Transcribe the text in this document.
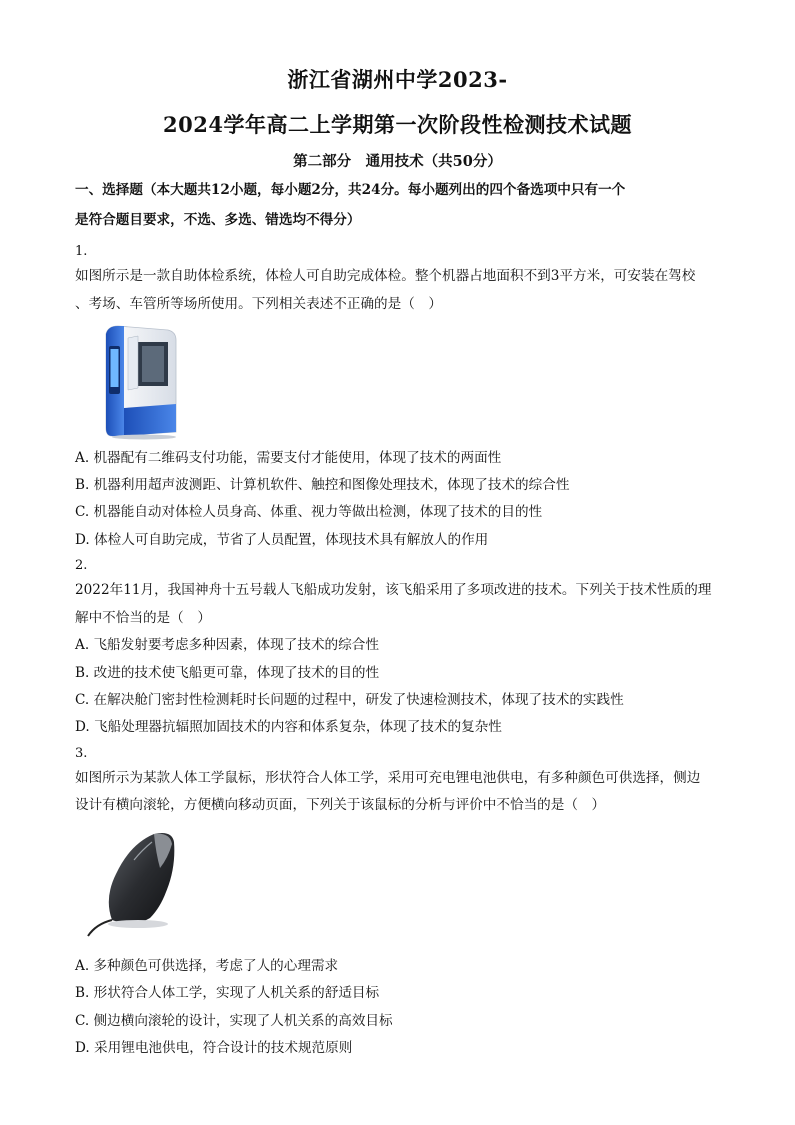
浙江省湖州中学2023-
2024学年高二上学期第一次阶段性检测技术试题
第二部分　通用技术（共50分）
一、选择题（本大题共12小题，每小题2分，共24分。每小题列出的四个备选项中只有一个
是符合题目要求，不选、多选、错选均不得分）
1.
如图所示是一款自助体检系统，体检人可自助完成体检。整个机器占地面积不到3平方米，可安装在驾校
、考场、车管所等场所使用。下列相关表述不正确的是（　）
A. 机器配有二维码支付功能，需要支付才能使用，体现了技术的两面性
B. 机器利用超声波测距、计算机软件、触控和图像处理技术，体现了技术的综合性
C. 机器能自动对体检人员身高、体重、视力等做出检测，体现了技术的目的性
D. 体检人可自助完成，节省了人员配置，体现技术具有解放人的作用
2.
2022年11月，我国神舟十五号载人飞船成功发射，该飞船采用了多项改进的技术。下列关于技术性质的理
解中不恰当的是（　）
A. 飞船发射要考虑多种因素，体现了技术的综合性
B. 改进的技术使飞船更可靠，体现了技术的目的性
C. 在解决舱门密封性检测耗时长问题的过程中，研发了快速检测技术，体现了技术的实践性
D. 飞船处理器抗辐照加固技术的内容和体系复杂，体现了技术的复杂性
3.
如图所示为某款人体工学鼠标，形状符合人体工学，采用可充电锂电池供电，有多种颜色可供选择，侧边
设计有横向滚轮，方便横向移动页面，下列关于该鼠标的分析与评价中不恰当的是（　）
A. 多种颜色可供选择，考虑了人的心理需求
B. 形状符合人体工学，实现了人机关系的舒适目标
C. 侧边横向滚轮的设计，实现了人机关系的高效目标
D. 采用锂电池供电，符合设计的技术规范原则
